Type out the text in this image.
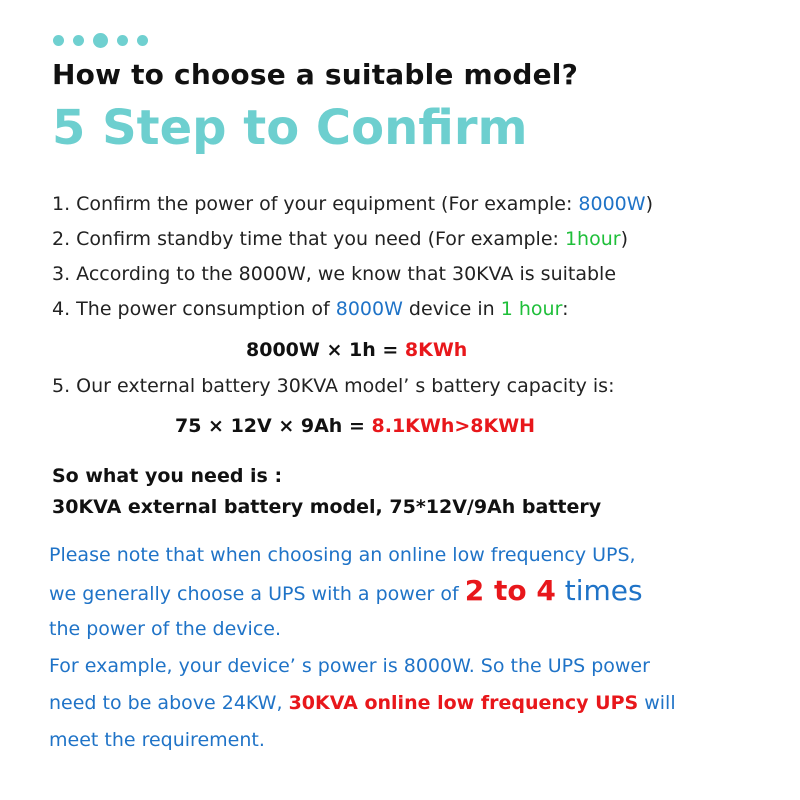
How to choose a suitable model?
5 Step to Confirm
1. Confirm the power of your equipment (For example: 8000W)
2. Confirm standby time that you need (For example: 1hour)
3. According to the 8000W, we know that 30KVA is suitable
4. The power consumption of 8000W device in 1 hour:
8000W × 1h = 8KWh
5. Our external battery 30KVA model’ s battery capacity is:
75 × 12V × 9Ah = 8.1KWh>8KWH
So what you need is :
30KVA external battery model, 75*12V/9Ah battery
Please note that when choosing an online low frequency UPS,
we generally choose a UPS with a power of 2 to 4 times
the power of the device.
For example, your device’ s power is 8000W. So the UPS power
need to be above 24KW, 30KVA online low frequency UPS will
meet the requirement.
